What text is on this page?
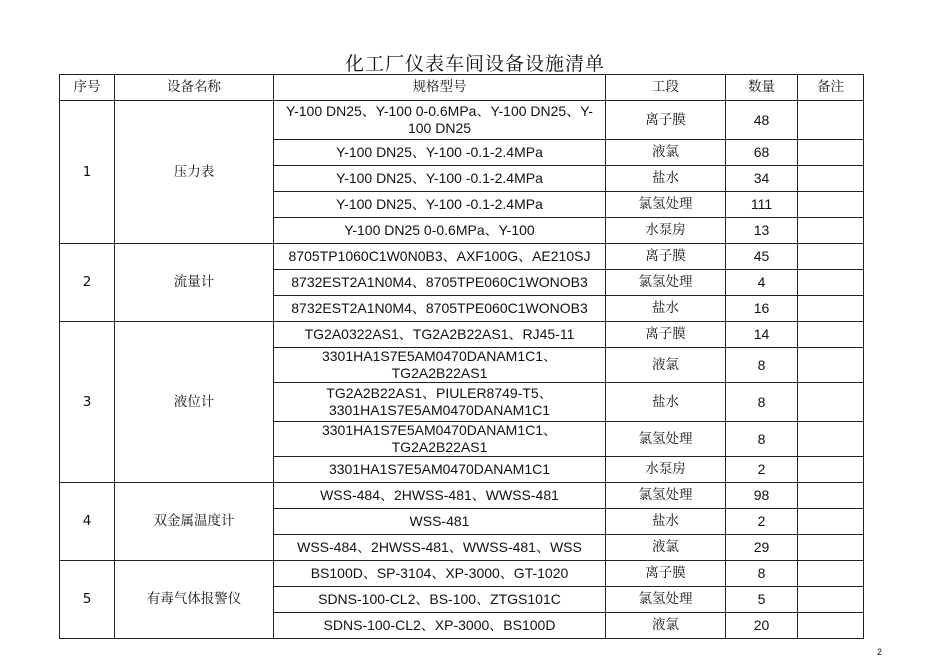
化工厂仪表车间设备设施清单
序号	设备名称	规格型号	工段	数量	备注
1	压力表	Y-100 DN25、Y-100 0-0.6MPa、Y-100 DN25、Y-100 DN25	离子膜	48	
		Y-100 DN25、Y-100 -0.1-2.4MPa	液氯	68	
		Y-100 DN25、Y-100 -0.1-2.4MPa	盐水	34	
		Y-100 DN25、Y-100 -0.1-2.4MPa	氯氢处理	111	
		Y-100 DN25 0-0.6MPa、Y-100	水泵房	13	
2	流量计	8705TP1060C1W0N0B3、AXF100G、AE210SJ	离子膜	45	
		8732EST2A1N0M4、8705TPE060C1WONOB3	氯氢处理	4	
		8732EST2A1N0M4、8705TPE060C1WONOB3	盐水	16	
3	液位计	TG2A0322AS1、TG2A2B22AS1、RJ45-11	离子膜	14	
		3301HA1S7E5AM0470DANAM1C1、TG2A2B22AS1	液氯	8	
		TG2A2B22AS1、PIULER8749-T5、3301HA1S7E5AM0470DANAM1C1	盐水	8	
		3301HA1S7E5AM0470DANAM1C1、TG2A2B22AS1	氯氢处理	8	
		3301HA1S7E5AM0470DANAM1C1	水泵房	2	
4	双金属温度计	WSS-484、2HWSS-481、WWSS-481	氯氢处理	98	
		WSS-481	盐水	2	
		WSS-484、2HWSS-481、WWSS-481、WSS	液氯	29	
5	有毒气体报警仪	BS100D、SP-3104、XP-3000、GT-1020	离子膜	8	
		SDNS-100-CL2、BS-100、ZTGS101C	氯氢处理	5	
		SDNS-100-CL2、XP-3000、BS100D	液氯	20	
2
